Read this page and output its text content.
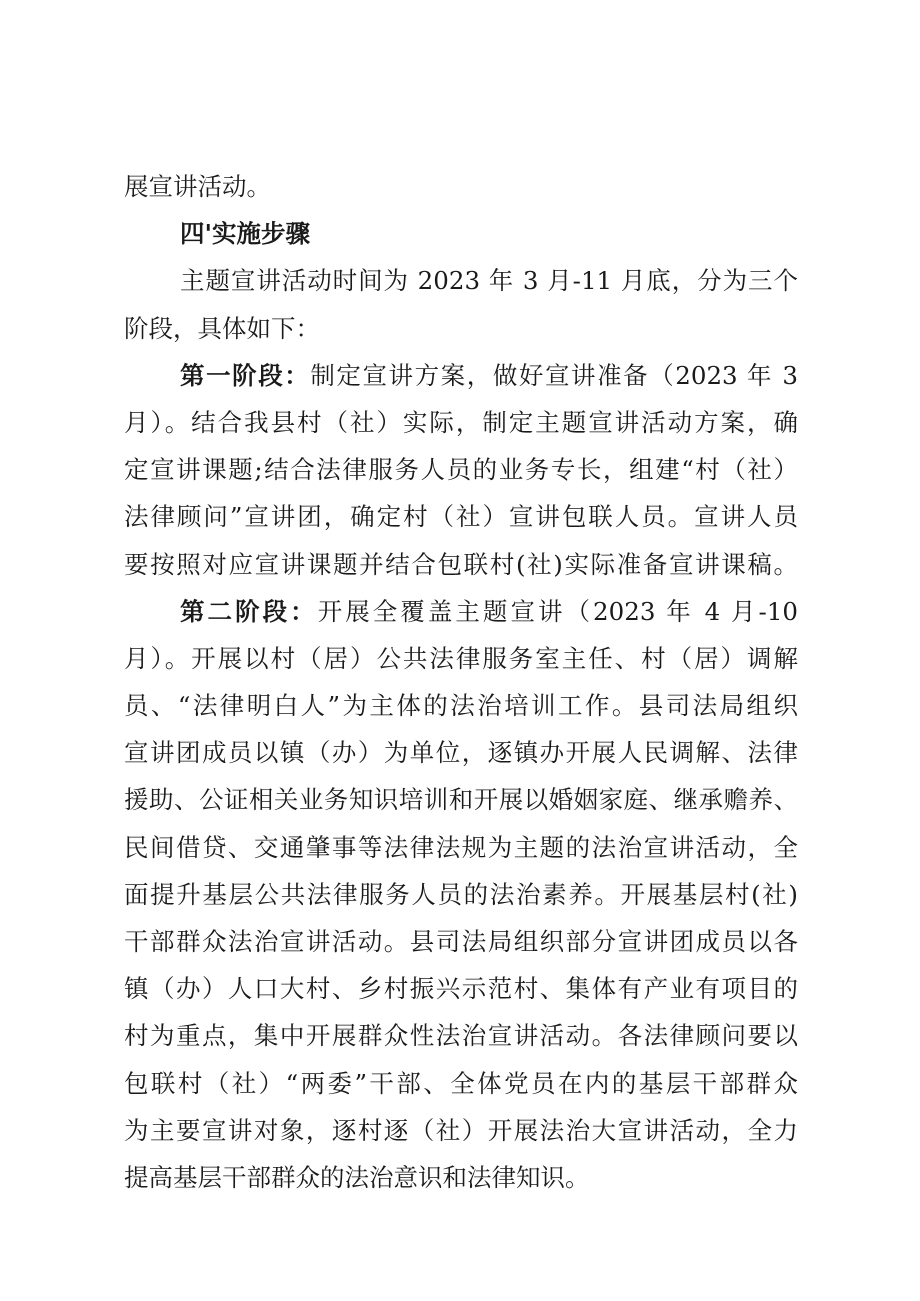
展宣讲活动。
四'实施步骤
主题宣讲活动时间为 2023 年 3 月-11 月底，分为三个
阶段，具体如下：
第一阶段：制定宣讲方案，做好宣讲准备（2023 年 3
月）。结合我县村（社）实际，制定主题宣讲活动方案，确
定宣讲课题;结合法律服务人员的业务专长，组建“村（社）
法律顾问”宣讲团，确定村（社）宣讲包联人员。宣讲人员
要按照对应宣讲课题并结合包联村(社)实际准备宣讲课稿。
第二阶段：开展全覆盖主题宣讲（2023 年 4 月-10
月）。开展以村（居）公共法律服务室主任、村（居）调解
员、“法律明白人”为主体的法治培训工作。县司法局组织
宣讲团成员以镇（办）为单位，逐镇办开展人民调解、法律
援助、公证相关业务知识培训和开展以婚姻家庭、继承赡养、
民间借贷、交通肇事等法律法规为主题的法治宣讲活动，全
面提升基层公共法律服务人员的法治素养。开展基层村(社)
干部群众法治宣讲活动。县司法局组织部分宣讲团成员以各
镇（办）人口大村、乡村振兴示范村、集体有产业有项目的
村为重点，集中开展群众性法治宣讲活动。各法律顾问要以
包联村（社）“两委”干部、全体党员在内的基层干部群众
为主要宣讲对象，逐村逐（社）开展法治大宣讲活动，全力
提高基层干部群众的法治意识和法律知识。
